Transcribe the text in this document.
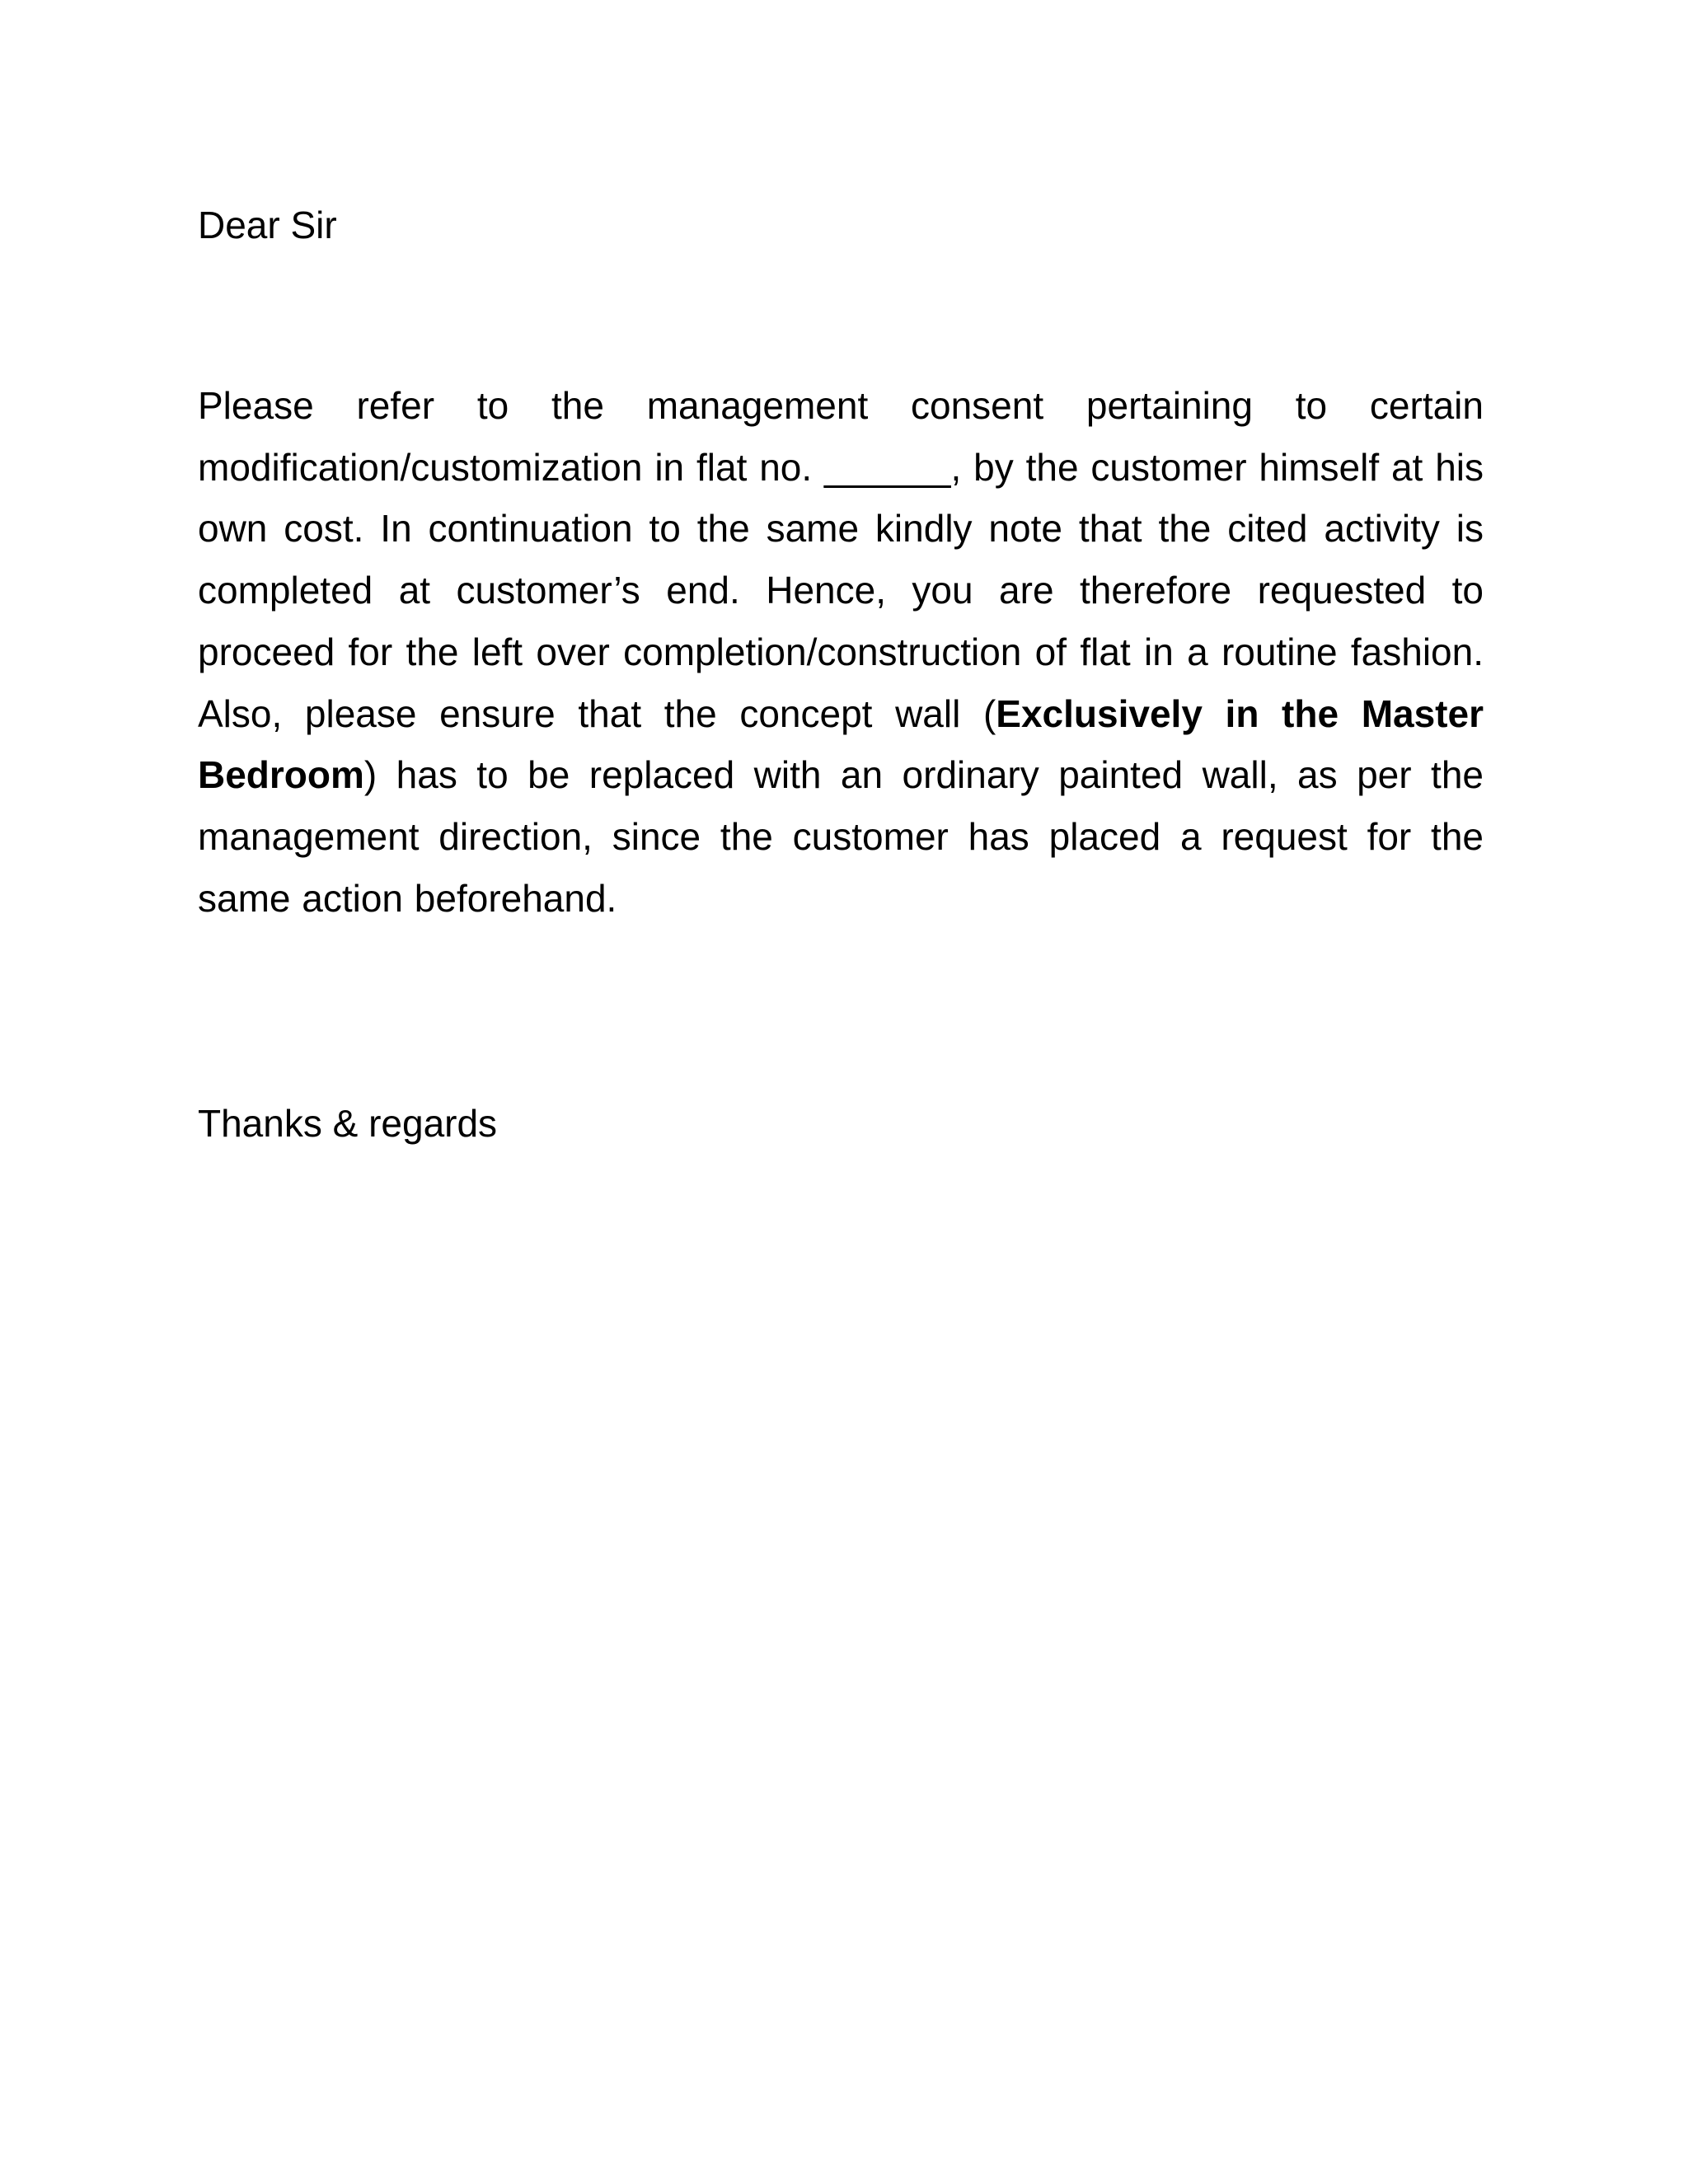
Dear Sir

Please refer to the management consent pertaining to certain modification/customization in flat no. ______, by the customer himself at his own cost. In continuation to the same kindly note that the cited activity is completed at customer’s end. Hence, you are therefore requested to proceed for the left over completion/construction of flat in a routine fashion. Also, please ensure that the concept wall (Exclusively in the Master Bedroom) has to be replaced with an ordinary painted wall, as per the management direction, since the customer has placed a request for the same action beforehand.

Thanks & regards
